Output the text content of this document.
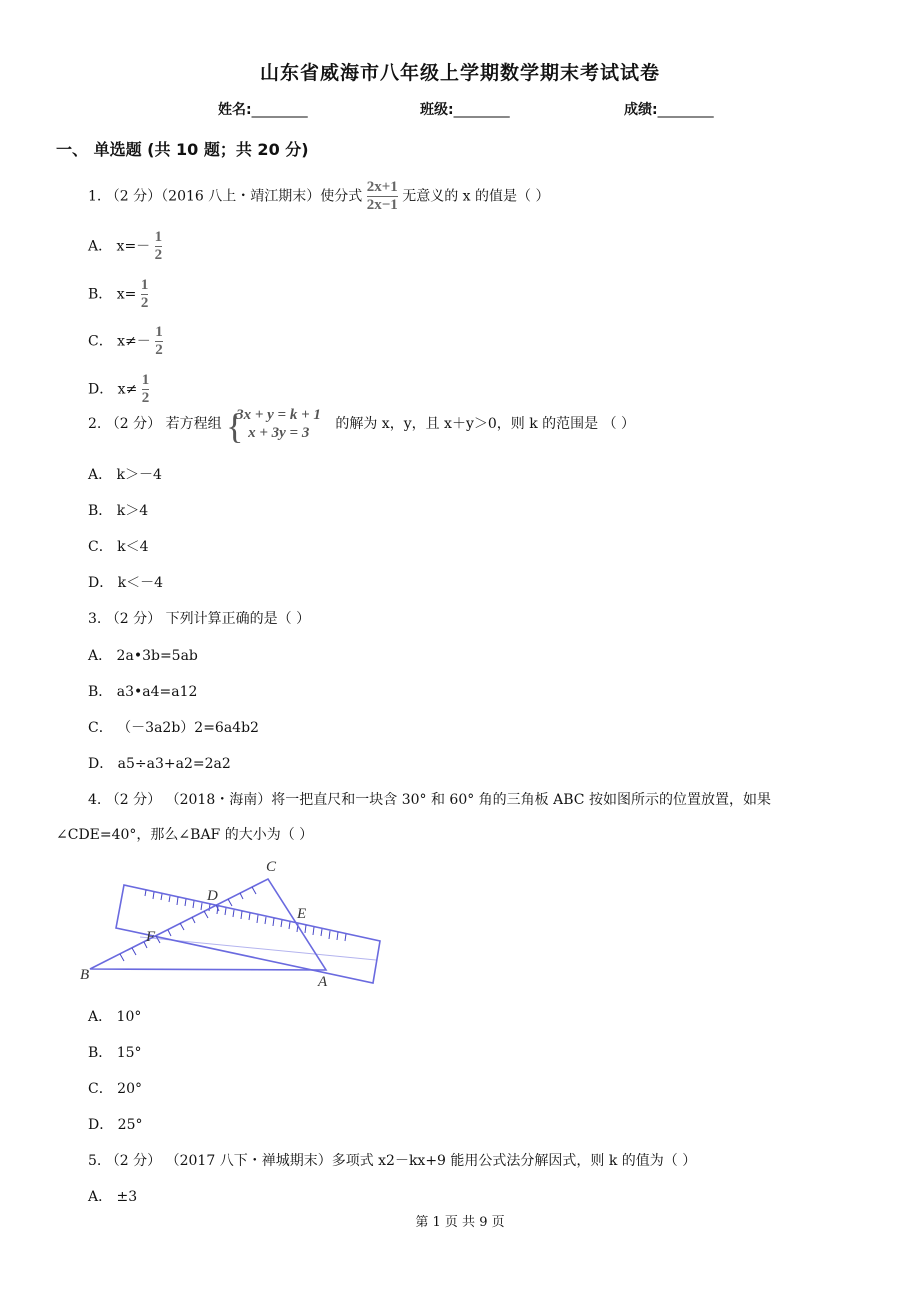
山东省威海市八年级上学期数学期末考试试卷
姓名:________	班级:________	成绩:________
一、 单选题 (共 10 题；共 20 分)
1. （2 分）（2016 八上・靖江期末）使分式 $\frac{2x+1}{2x-1}$ 无意义的 x 的值是（ ）
A． $x=- \frac{1}{2}$
B． $x= \frac{1}{2}$
C． $x\ne- \frac{1}{2}$
D． $x\ne \frac{1}{2}$
2. （2 分） 若方程组 {
3x + y = k + 1
x + 3y = 3
的解为 x，y，且 x＋y＞0，则 k 的范围是 （ ）
A． k＞－4
B． k＞4
C． k＜4
D． k＜－4
3. （2 分） 下列计算正确的是（ ）
A． 2a•3b=5ab
B． a3•a4=a12
C． （－3a2b）2=6a4b2
D． a5÷a3+a2=2a2
4. （2 分） （2018・海南）将一把直尺和一块含 30° 和 60° 角的三角板 ABC 按如图所示的位置放置，如果
∠CDE=40°，那么∠BAF 的大小为（ ）
B	A
C
D
E
F
A． 10°
B． 15°
C． 20°
D． 25°
5. （2 分） （2017 八下・禅城期末）多项式 x2－kx+9 能用公式法分解因式，则 k 的值为（ ）
A． ±3
第 1 页 共 9 页
